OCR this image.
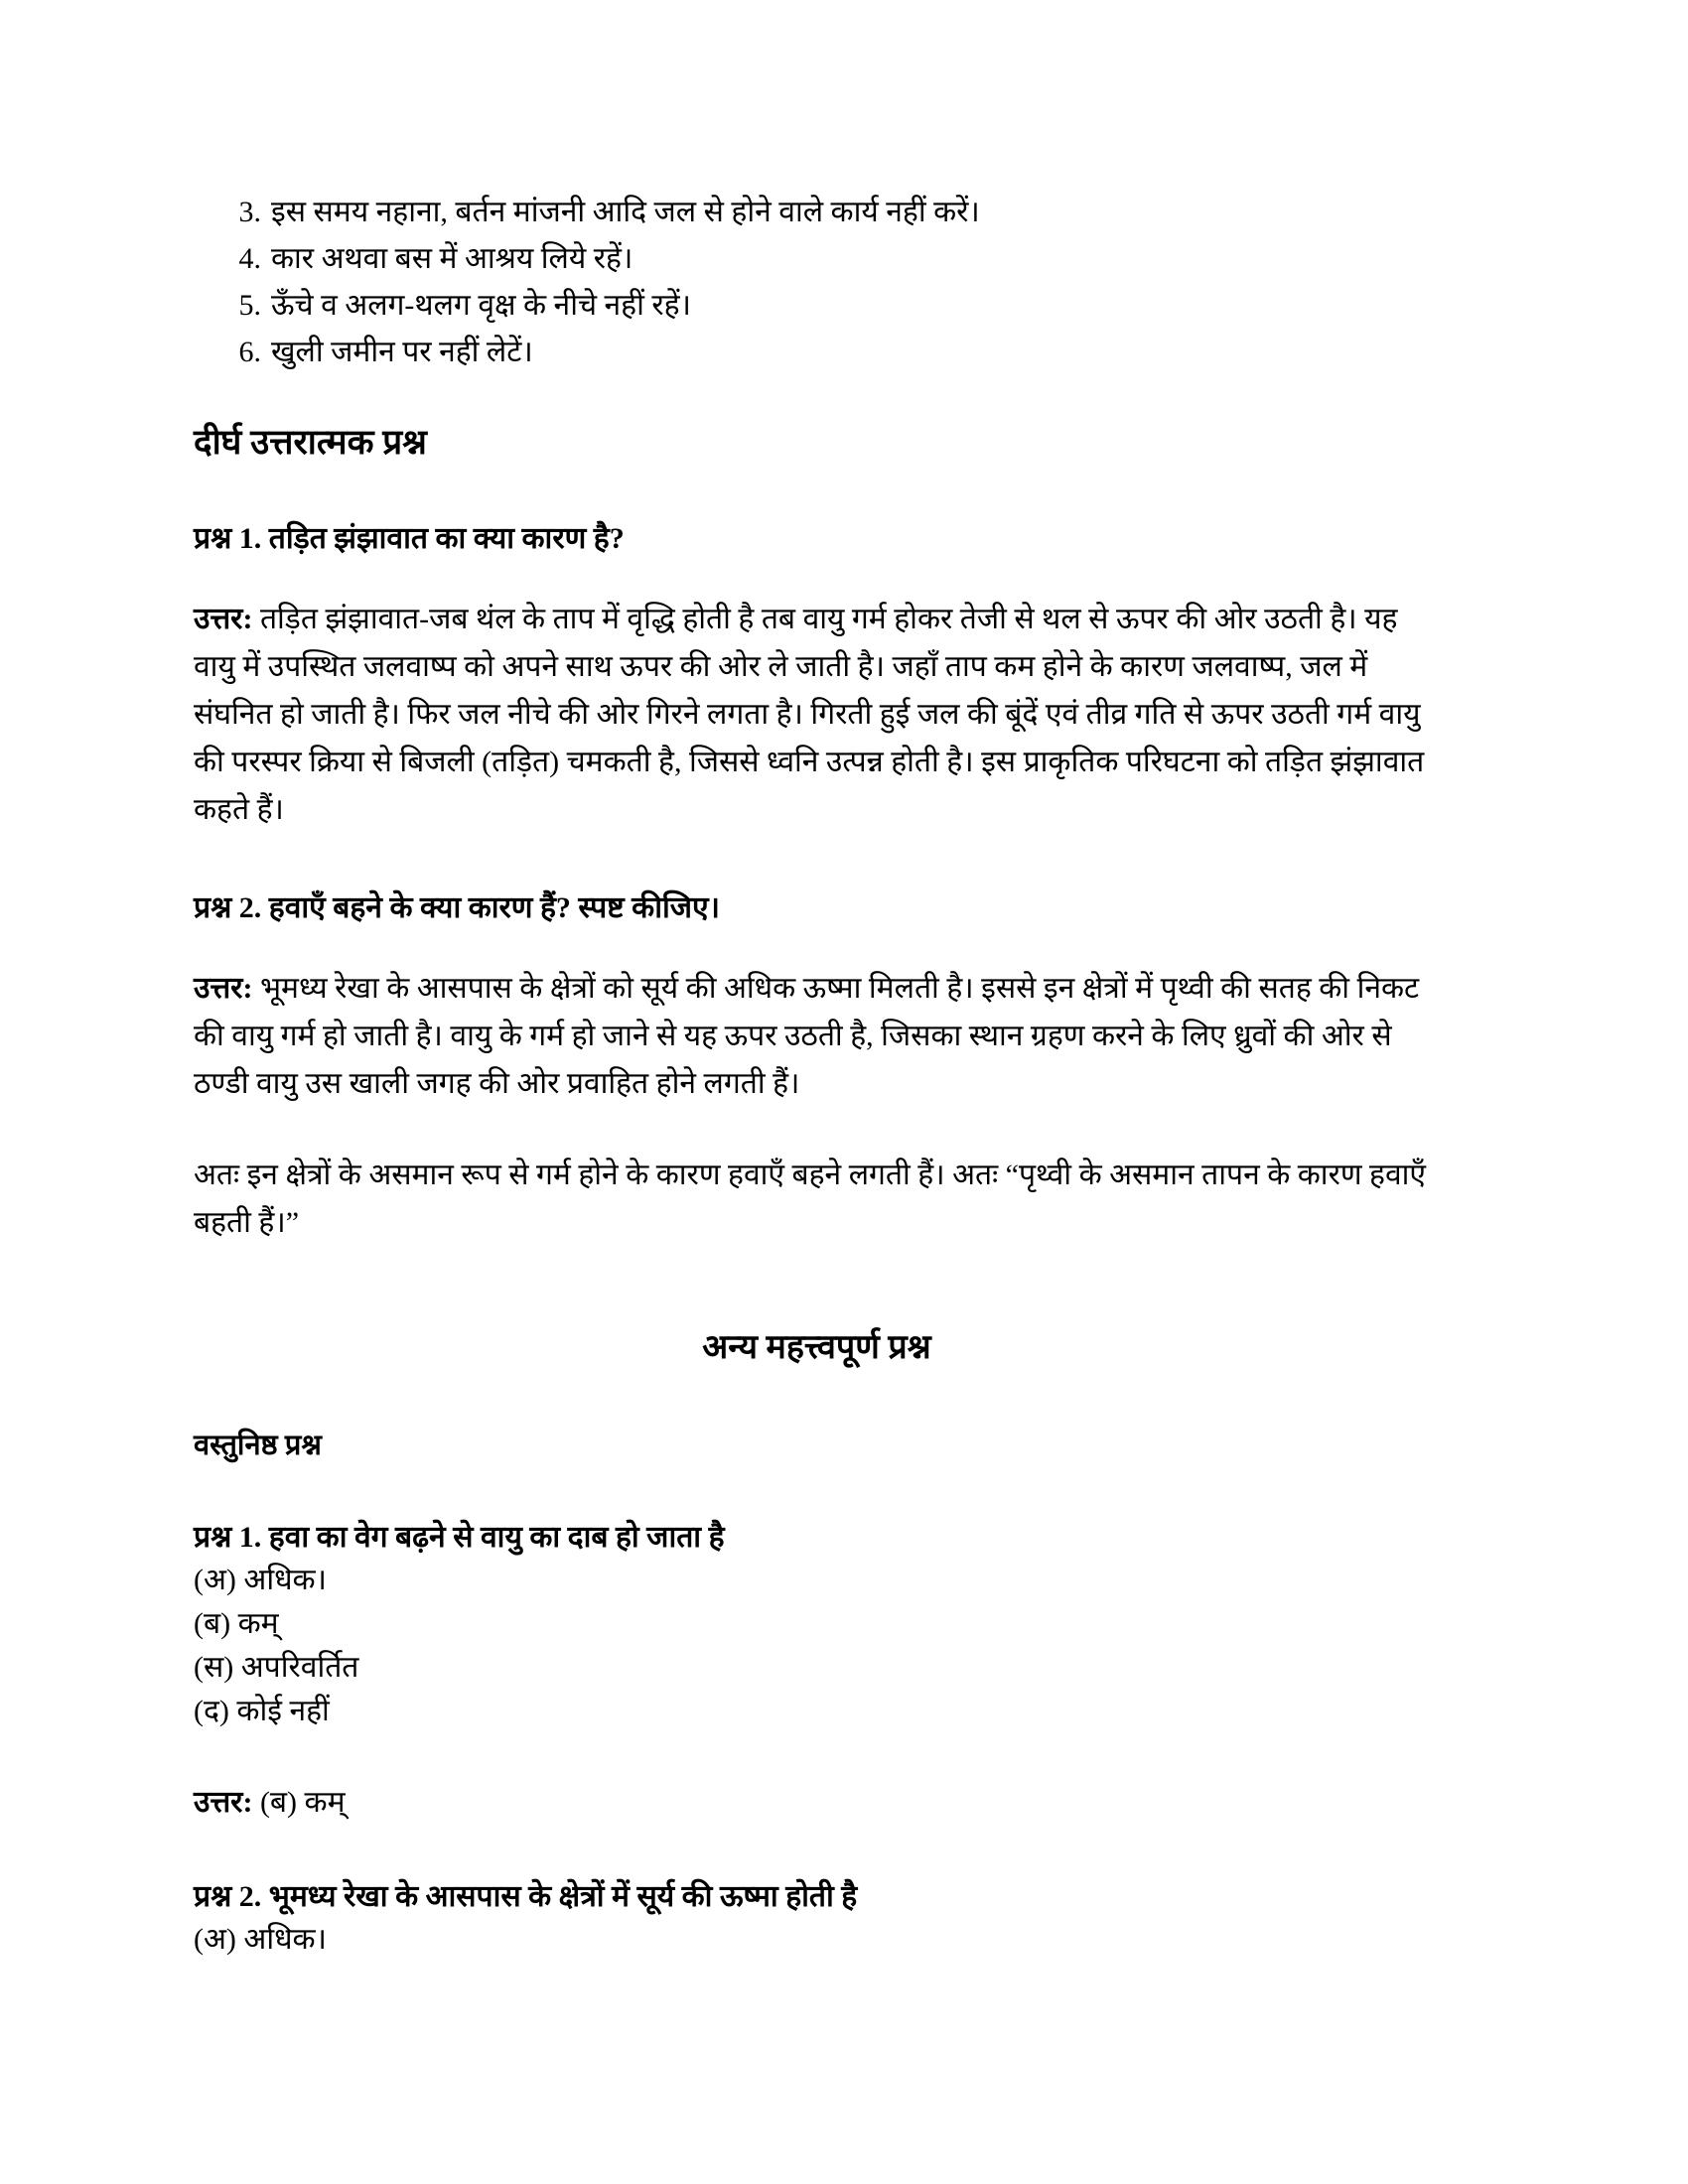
3. इस समय नहाना, बर्तन मांजनी आदि जल से होने वाले कार्य नहीं करें।
4. कार अथवा बस में आश्रय लिये रहें।
5. ऊँचे व अलग-थलग वृक्ष के नीचे नहीं रहें।
6. खुली जमीन पर नहीं लेटें।
दीर्घ उत्तरात्मक प्रश्न
प्रश्न 1. तड़ित झंझावात का क्या कारण है?

उत्तर: तड़ित झंझावात-जब थंल के ताप में वृद्धि होती है तब वायु गर्म होकर तेजी से थल से ऊपर की ओर उठती है। यह वायु में उपस्थित जलवाष्प को अपने साथ ऊपर की ओर ले जाती है। जहाँ ताप कम होने के कारण जलवाष्प, जल में संघनित हो जाती है। फिर जल नीचे की ओर गिरने लगता है। गिरती हुई जल की बूंदें एवं तीव्र गति से ऊपर उठती गर्म वायु की परस्पर क्रिया से बिजली (तड़ित) चमकती है, जिससे ध्वनि उत्पन्न होती है। इस प्राकृतिक परिघटना को तड़ित झंझावात कहते हैं।

प्रश्न 2. हवाएँ बहने के क्या कारण हैं? स्पष्ट कीजिए।

उत्तर: भूमध्य रेखा के आसपास के क्षेत्रों को सूर्य की अधिक ऊष्मा मिलती है। इससे इन क्षेत्रों में पृथ्वी की सतह की निकट की वायु गर्म हो जाती है। वायु के गर्म हो जाने से यह ऊपर उठती है, जिसका स्थान ग्रहण करने के लिए ध्रुवों की ओर से ठण्डी वायु उस खाली जगह की ओर प्रवाहित होने लगती हैं।

अतः इन क्षेत्रों के असमान रूप से गर्म होने के कारण हवाएँ बहने लगती हैं। अतः “पृथ्वी के असमान तापन के कारण हवाएँ बहती हैं।”

अन्य महत्त्वपूर्ण प्रश्न
वस्तुनिष्ठ प्रश्न
प्रश्न 1. हवा का वेग बढ़ने से वायु का दाब हो जाता है
(अ) अधिक।
(ब) कम्
(स) अपरिवर्तित
(द) कोई नहीं

उत्तर: (ब) कम्

प्रश्न 2. भूमध्य रेखा के आसपास के क्षेत्रों में सूर्य की ऊष्मा होती है
(अ) अधिक।
